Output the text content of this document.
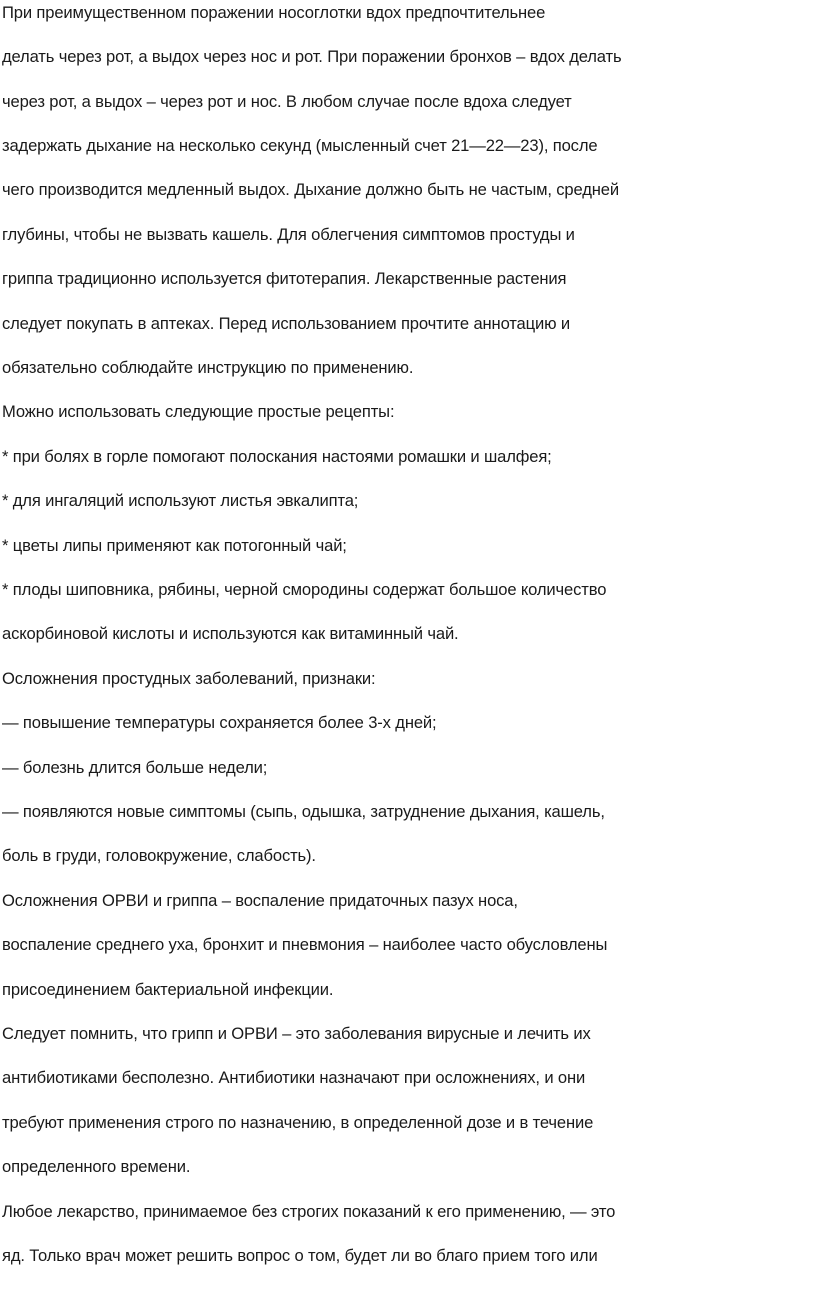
При преимущественном поражении носоглотки вдох предпочтительнее
делать через рот, а выдох через нос и рот. При поражении бронхов – вдох делать
через рот, а выдох – через рот и нос. В любом случае после вдоха следует
задержать дыхание на несколько секунд (мысленный счет 21—22—23), после
чего производится медленный выдох. Дыхание должно быть не частым, средней
глубины, чтобы не вызвать кашель. Для облегчения симптомов простуды и
гриппа традиционно используется фитотерапия. Лекарственные растения
следует покупать в аптеках. Перед использованием прочтите аннотацию и
обязательно соблюдайте инструкцию по применению.
Можно использовать следующие простые рецепты:
* при болях в горле помогают полоскания настоями ромашки и шалфея;
* для ингаляций используют листья эвкалипта;
* цветы липы применяют как потогонный чай;
* плоды шиповника, рябины, черной смородины содержат большое количество
аскорбиновой кислоты и используются как витаминный чай.
Осложнения простудных заболеваний, признаки:
— повышение температуры сохраняется более 3-х дней;
— болезнь длится больше недели;
— появляются новые симптомы (сыпь, одышка, затруднение дыхания, кашель,
боль в груди, головокружение, слабость).
Осложнения ОРВИ и гриппа – воспаление придаточных пазух носа,
воспаление среднего уха, бронхит и пневмония – наиболее часто обусловлены
присоединением бактериальной инфекции.
Следует помнить, что грипп и ОРВИ – это заболевания вирусные и лечить их
антибиотиками бесполезно. Антибиотики назначают при осложнениях, и они
требуют применения строго по назначению, в определенной дозе и в течение
определенного времени.
Любое лекарство, принимаемое без строгих показаний к его применению, — это
яд. Только врач может решить вопрос о том, будет ли во благо прием того или
